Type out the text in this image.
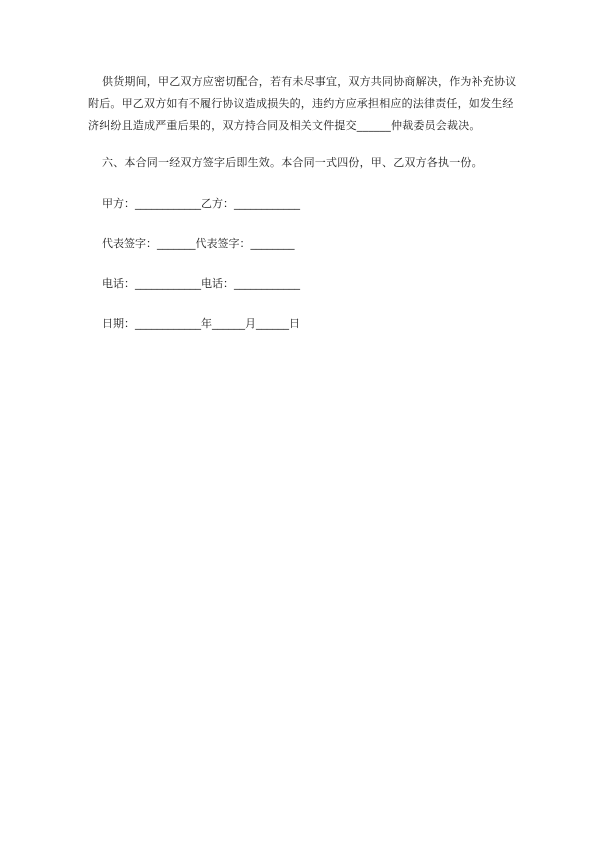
供货期间，甲乙双方应密切配合，若有未尽事宜，双方共同协商解决，作为补充协议附后。甲乙双方如有不履行协议造成损失的，违约方应承担相应的法律责任，如发生经济纠纷且造成严重后果的，双方持合同及相关文件提交______仲裁委员会裁决。
六、本合同一经双方签字后即生效。本合同一式四份，甲、乙双方各执一份。
甲方：____________乙方：____________
代表签字：_______代表签字：________
电话：____________电话：____________
日期：____________年______月______日
